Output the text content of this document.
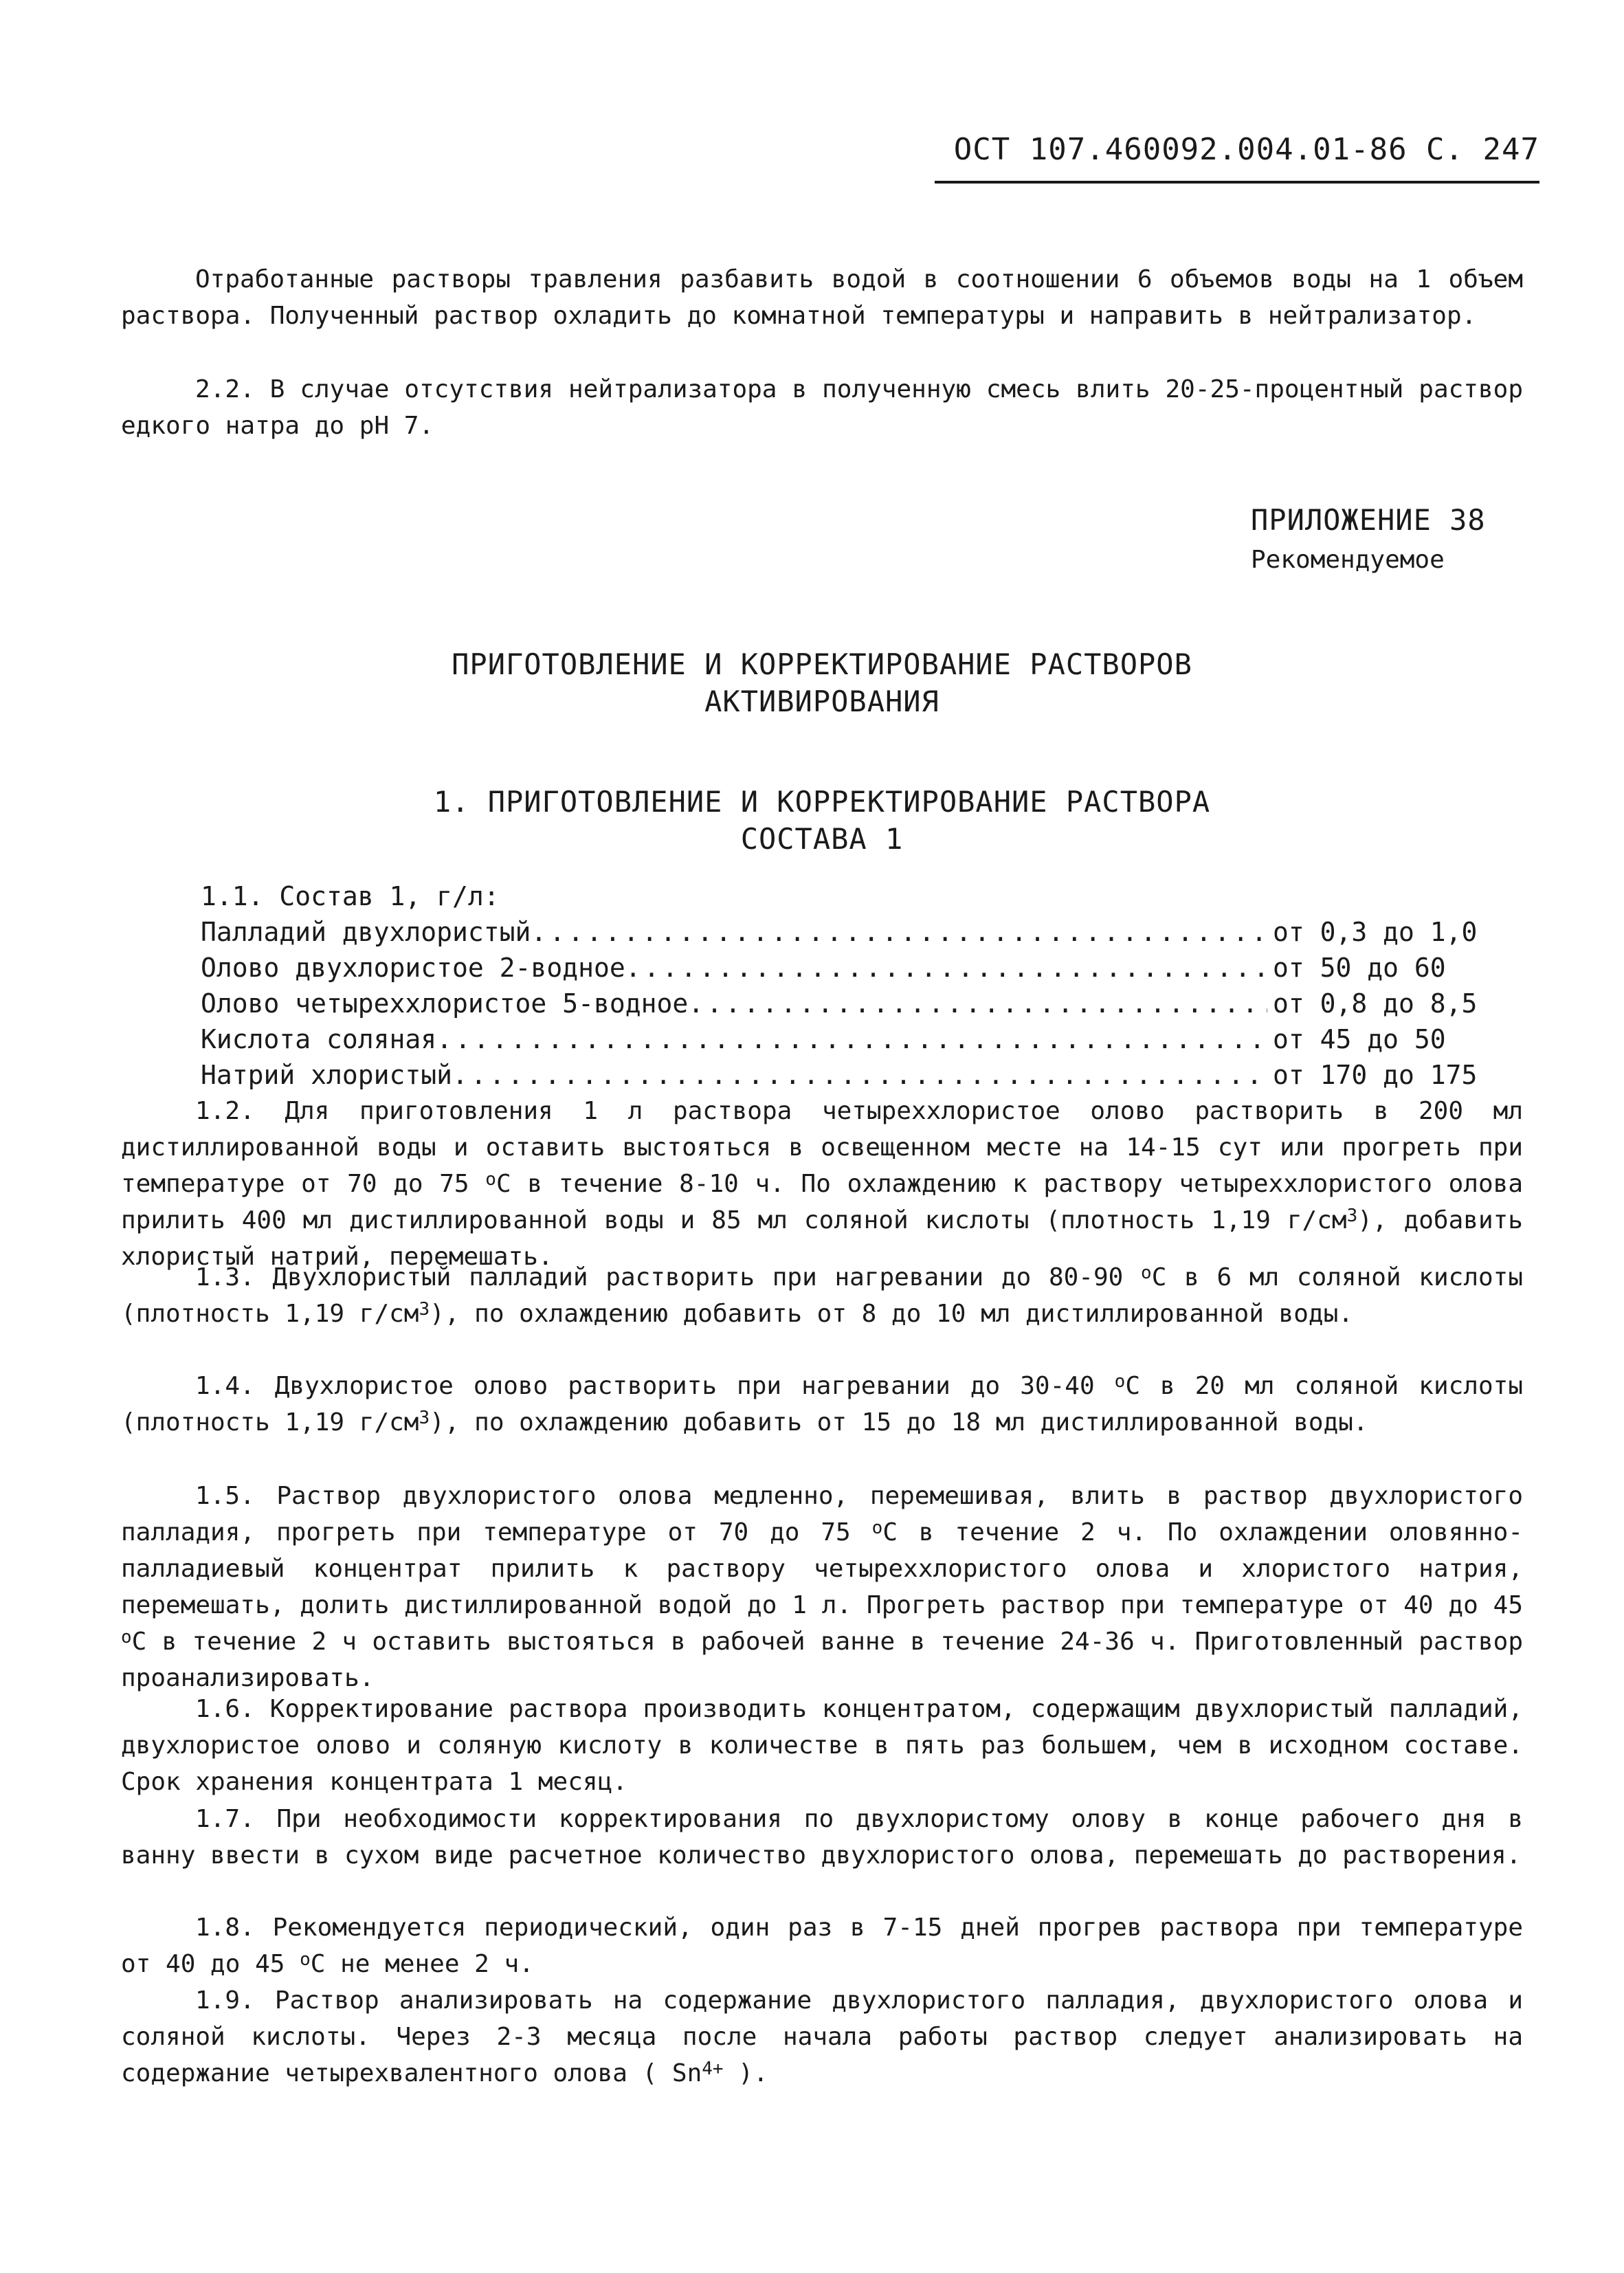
ОСТ 107.460092.004.01-86 С. 247
Отработанные растворы травления разбавить водой в соотношении 6 объемов воды на 1 объем раствора. Полученный раствор охладить до комнатной температуры и направить в нейтрализатор.
2.2. В случае отсутствия нейтрализатора в полученную смесь влить 20-25-процентный раствор едкого натра до pH 7.
ПРИЛОЖЕНИЕ 38
Рекомендуемое
ПРИГОТОВЛЕНИЕ И КОРРЕКТИРОВАНИЕ РАСТВОРОВ
АКТИВИРОВАНИЯ
1. ПРИГОТОВЛЕНИЕ И КОРРЕКТИРОВАНИЕ РАСТВОРА
СОСТАВА 1
1.1. Состав 1, г/л:
Палладий двухлористый .....	от 0,3 до 1,0
Олово двухлористое 2-водное .....	от 50 до 60
Олово четыреххлористое 5-водное .....	от 0,8 до 8,5
Кислота соляная .....	от 45 до 50
Натрий хлористый .....	от 170 до 175
1.2. Для приготовления 1 л раствора четыреххлористое олово растворить в 200 мл дистиллированной воды и оставить выстояться в освещенном месте на 14-15 сут или прогреть при температуре от 70 до 75 $^o$С в течение 8-10 ч. По охлаждению к раствору четыреххлористого олова прилить 400 мл дистиллированной воды и 85 мл соляной кислоты (плотность 1,19 $г/см^3$), добавить хлористый натрий, перемешать.
1.3. Двухлористый палладий растворить при нагревании до 80-90 $^o$С в 6 мл соляной кислоты (плотность 1,19 $г/см^3$), по охлаждению добавить от 8 до 10 мл дистиллированной воды.
1.4. Двухлористое олово растворить при нагревании до 30-40 $^o$С в 20 мл соляной кислоты (плотность 1,19 $г/см^3$), по охлаждению добавить от 15 до 18 мл дистиллированной воды.
1.5. Раствор двухлористого олова медленно, перемешивая, влить в раствор двухлористого палладия, прогреть при температуре от 70 до 75 $^o$С в течение 2 ч. По охлаждении оловянно-палладиевый концентрат прилить к раствору четыреххлористого олова и хлористого натрия, перемешать, долить дистиллированной водой до 1 л. Прогреть раствор при температуре от 40 до 45 $^o$С в течение 2 ч оставить выстояться в рабочей ванне в течение 24-36 ч. Приготовленный раствор проанализировать.
1.6. Корректирование раствора производить концентратом, содержащим двухлористый палладий, двухлористое олово и соляную кислоту в количестве в пять раз большем, чем в исходном составе. Срок хранения концентрата 1 месяц.
1.7. При необходимости корректирования по двухлористому олову в конце рабочего дня в ванну ввести в сухом виде расчетное количество двухлористого олова, перемешать до растворения.
1.8. Рекомендуется периодический, один раз в 7-15 дней прогрев раствора при температуре от 40 до 45 $^o$С не менее 2 ч.
1.9. Раствор анализировать на содержание двухлористого палладия, двухлористого олова и соляной кислоты. Через 2-3 месяца после начала работы раствор следует анализировать на содержание четырехвалентного олова ( $Sn^{4+}$ ).
